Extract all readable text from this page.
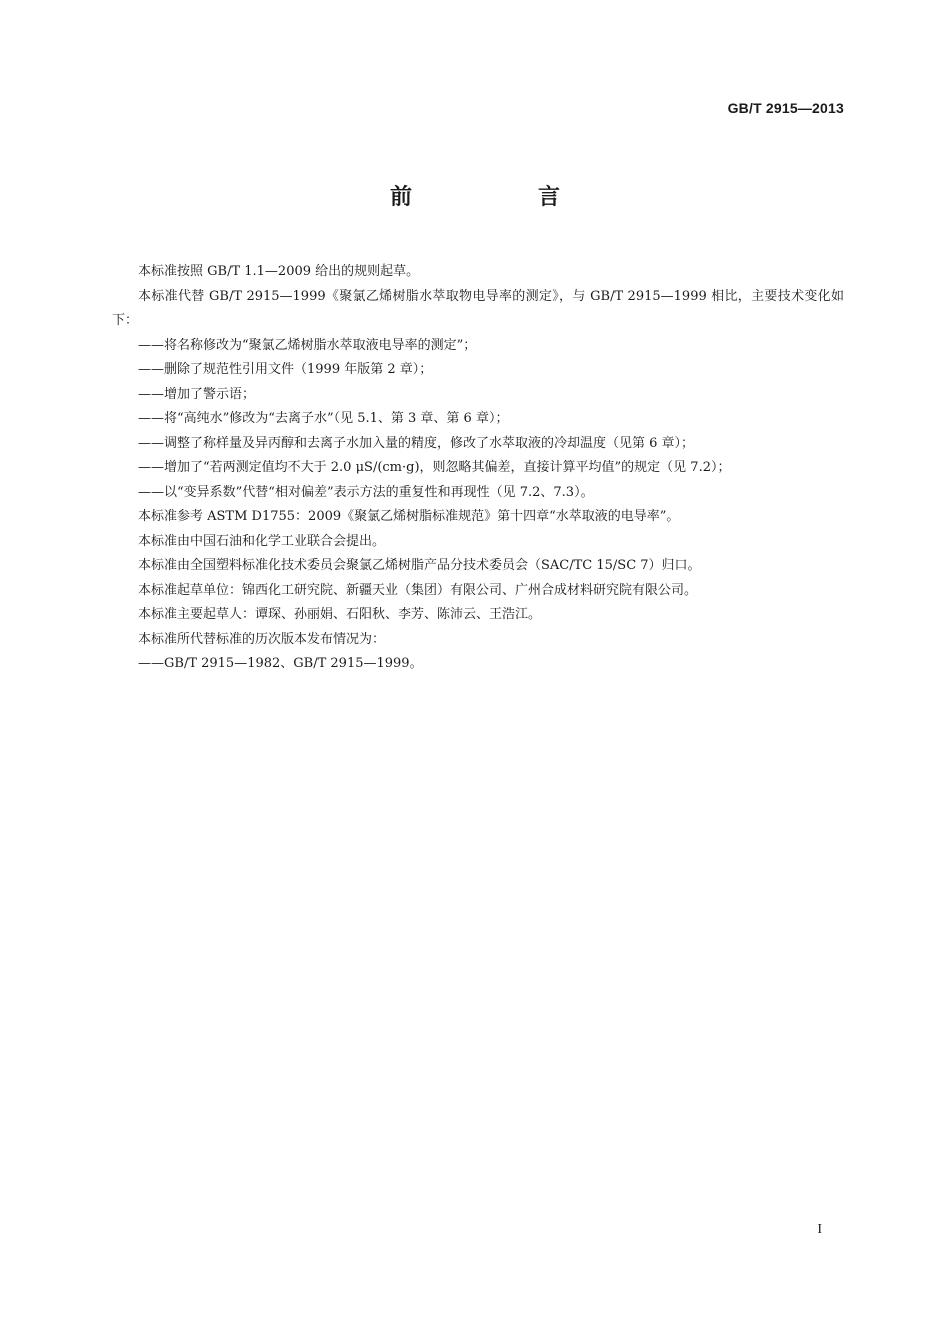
GB/T 2915—2013
前　言

本标准按照 GB/T 1.1—2009 给出的规则起草。

本标准代替 GB/T 2915—1999《聚氯乙烯树脂水萃取物电导率的测定》，与 GB/T 2915—1999 相比，主要技术变化如下：

——将名称修改为“聚氯乙烯树脂水萃取液电导率的测定”；

——删除了规范性引用文件（1999 年版第 2 章）；

——增加了警示语；

——将“高纯水”修改为“去离子水”（见 5.1、第 3 章、第 6 章）；

——调整了称样量及异丙醇和去离子水加入量的精度，修改了水萃取液的冷却温度（见第 6 章）；

——增加了“若两测定值均不大于 2.0 μS/(cm·g)，则忽略其偏差，直接计算平均值”的规定（见 7.2）；

——以“变异系数”代替“相对偏差”表示方法的重复性和再现性（见 7.2、7.3）。

本标准参考 ASTM D1755：2009《聚氯乙烯树脂标准规范》第十四章“水萃取液的电导率”。

本标准由中国石油和化学工业联合会提出。

本标准由全国塑料标准化技术委员会聚氯乙烯树脂产品分技术委员会（SAC/TC 15/SC 7）归口。

本标准起草单位：锦西化工研究院、新疆天业（集团）有限公司、广州合成材料研究院有限公司。

本标准主要起草人：谭琛、孙丽娟、石阳秋、李芳、陈沛云、王浩江。

本标准所代替标准的历次版本发布情况为：

——GB/T 2915—1982、GB/T 2915—1999。

I
